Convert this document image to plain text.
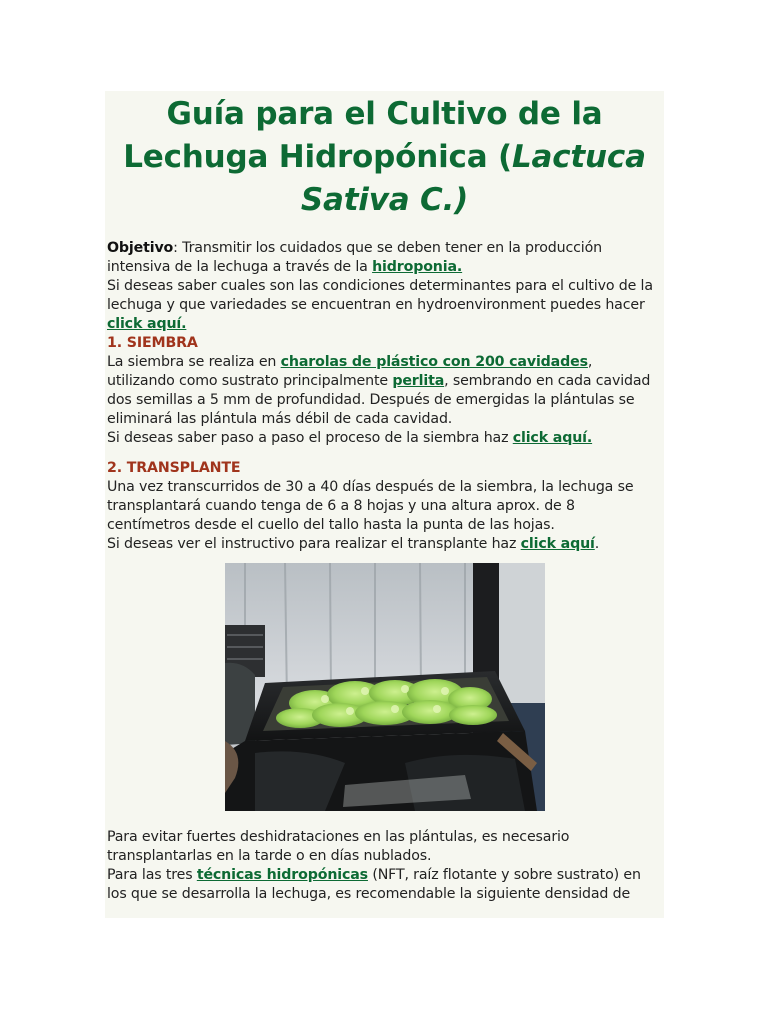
Guía para el Cultivo de la Lechuga Hidropónica (Lactuca Sativa C.)

Objetivo: Transmitir los cuidados que se deben tener en la producción intensiva de la lechuga a través de la hidroponia.

Si deseas saber cuales son las condiciones determinantes para el cultivo de la lechuga y que variedades se encuentran en hydroenvironment puedes hacer click aquí.

1. SIEMBRA

La siembra se realiza en charolas de plástico con 200 cavidades, utilizando como sustrato principalmente perlita, sembrando en cada cavidad dos semillas a 5 mm de profundidad. Después de emergidas la plántulas se eliminará las plántula más débil de cada cavidad.

Si deseas saber paso a paso el proceso de la siembra haz click aquí.

2. TRANSPLANTE

Una vez transcurridos de 30 a 40 días después de la siembra, la lechuga se transplantará cuando tenga de 6 a 8 hojas y una altura aprox. de 8 centímetros desde el cuello del tallo hasta la punta de las hojas.

Si deseas ver el instructivo para realizar el transplante haz click aquí.

Para evitar fuertes deshidrataciones en las plántulas, es necesario transplantarlas en la tarde o en días nublados.

Para las tres técnicas hidropónicas (NFT, raíz flotante y sobre sustrato) en los que se desarrolla la lechuga, es recomendable la siguiente densidad de
